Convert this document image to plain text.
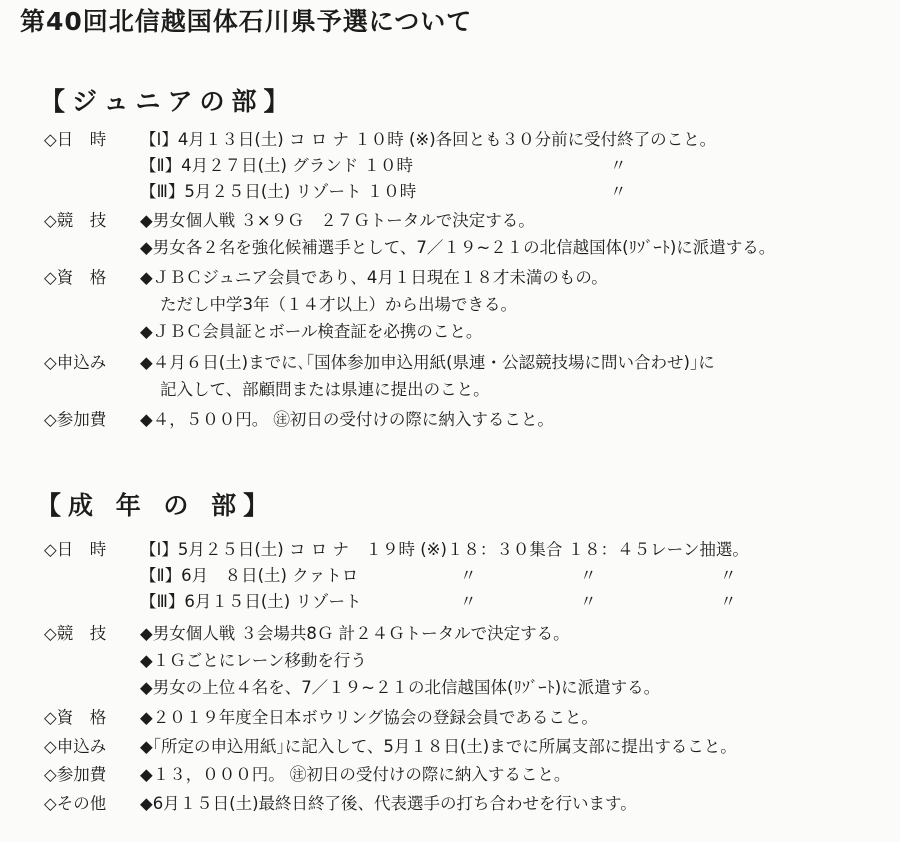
第40回北信越国体石川県予選について
【ジュニアの部】
◇日　時 【Ⅰ】4月１３日(土) コ ロ ナ １０時 (※)各回とも３０分前に受付終了のこと。
【Ⅱ】4月２７日(土) グランド １０時	〃
【Ⅲ】5月２５日(土) リゾート １０時	〃
◇競　技 ◆男女個人戦 ３×９Ｇ　２７Ｇトータルで決定する。
◆男女各２名を強化候補選手として、7／１９~２１の北信越国体(ﾘｿﾞｰﾄ)に派遣する。
◇資　格 ◆ＪＢＣジュニア会員であり、4月１日現在１８才未満のもの。
ただし中学3年（１４才以上）から出場できる。
◆ＪＢＣ会員証とボール検査証を必携のこと。
◇申込み ◆４月６日(土)までに､｢国体参加申込用紙(県連・公認競技場に問い合わせ)｣に
記入して、部顧問または県連に提出のこと。
◇参加費 ◆４，５００円。 ㊟初日の受付けの際に納入すること。
【成 年 の 部】
◇日　時 【Ⅰ】5月２５日(土) コ ロ ナ　１９時 (※)１８：３０集合 １８：４５レーン抽選。
【Ⅱ】6月　８日(土) クァトロ	〃	〃	〃
【Ⅲ】6月１５日(土) リゾート	〃	〃	〃
◇競　技 ◆男女個人戦 ３会場共8Ｇ 計２４Ｇトータルで決定する。
◆１Ｇごとにレーン移動を行う
◆男女の上位４名を、7／１９~２１の北信越国体(ﾘｿﾞｰﾄ)に派遣する。
◇資　格 ◆２０１９年度全日本ボウリング協会の登録会員であること。
◇申込み ◆｢所定の申込用紙｣に記入して、5月１８日(土)までに所属支部に提出すること。
◇参加費 ◆１３，０００円。 ㊟初日の受付けの際に納入すること。
◇その他 ◆6月１５日(土)最終日終了後、代表選手の打ち合わせを行います。
